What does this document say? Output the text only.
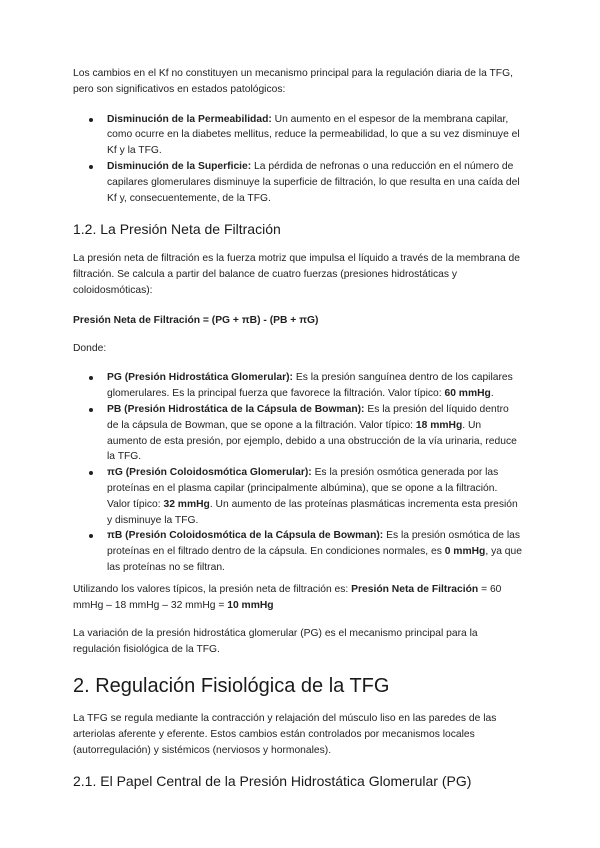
Los cambios en el Kf no constituyen un mecanismo principal para la regulación diaria de la TFG, pero son significativos en estados patológicos:

Disminución de la Permeabilidad: Un aumento en el espesor de la membrana capilar, como ocurre en la diabetes mellitus, reduce la permeabilidad, lo que a su vez disminuye el Kf y la TFG.
Disminución de la Superficie: La pérdida de nefronas o una reducción en el número de capilares glomerulares disminuye la superficie de filtración, lo que resulta en una caída del Kf y, consecuentemente, de la TFG.
1.2. La Presión Neta de Filtración

La presión neta de filtración es la fuerza motriz que impulsa el líquido a través de la membrana de filtración. Se calcula a partir del balance de cuatro fuerzas (presiones hidrostáticas y coloidosmóticas):

Presión Neta de Filtración = (PG + πB) - (PB + πG)

Donde:

PG (Presión Hidrostática Glomerular): Es la presión sanguínea dentro de los capilares glomerulares. Es la principal fuerza que favorece la filtración. Valor típico: 60 mmHg.
PB (Presión Hidrostática de la Cápsula de Bowman): Es la presión del líquido dentro de la cápsula de Bowman, que se opone a la filtración. Valor típico: 18 mmHg. Un aumento de esta presión, por ejemplo, debido a una obstrucción de la vía urinaria, reduce la TFG.
πG (Presión Coloidosmótica Glomerular): Es la presión osmótica generada por las proteínas en el plasma capilar (principalmente albúmina), que se opone a la filtración. Valor típico: 32 mmHg. Un aumento de las proteínas plasmáticas incrementa esta presión y disminuye la TFG.
πB (Presión Coloidosmótica de la Cápsula de Bowman): Es la presión osmótica de las proteínas en el filtrado dentro de la cápsula. En condiciones normales, es 0 mmHg, ya que las proteínas no se filtran.

Utilizando los valores típicos, la presión neta de filtración es: Presión Neta de Filtración = 60 mmHg – 18 mmHg – 32 mmHg = 10 mmHg

La variación de la presión hidrostática glomerular (PG) es el mecanismo principal para la regulación fisiológica de la TFG.

2. Regulación Fisiológica de la TFG

La TFG se regula mediante la contracción y relajación del músculo liso en las paredes de las arteriolas aferente y eferente. Estos cambios están controlados por mecanismos locales (autorregulación) y sistémicos (nerviosos y hormonales).

2.1. El Papel Central de la Presión Hidrostática Glomerular (PG)
